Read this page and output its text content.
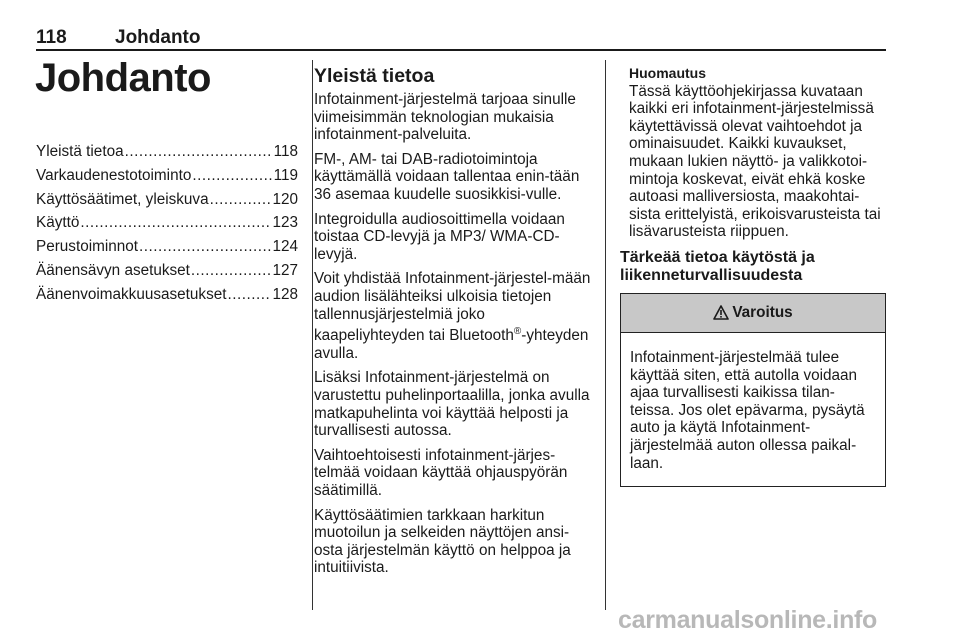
118	Johdanto
Johdanto
Yleistä tietoa .....	118
Varkaudenestotoiminto .....	119
Käyttösäätimet, yleiskuva .....	120
Käyttö .....	123
Perustoiminnot .....	124
Äänensävyn asetukset .....	127
Äänenvoimakkuusasetukset .....	128
Yleistä tietoa

Infotainment-järjestelmä tarjoaa sinulle viimeisimmän teknologian mukaisia infotainment-palveluita.

FM-, AM- tai DAB-radiotoimintoja käyttämällä voidaan tallentaa enin-tään 36 asemaa kuudelle suosikkisi-vulle.

Integroidulla audiosoittimella voidaan toistaa CD-levyjä ja MP3/ WMA-CD-levyjä.

Voit yhdistää Infotainment-järjestel-mään audion lisälähteiksi ulkoisia tietojen tallennusjärjestelmiä joko kaapeliyhteyden tai Bluetooth®-yhteyden avulla.

Lisäksi Infotainment-järjestelmä on varustettu puhelinportaalilla, jonka avulla matkapuhelinta voi käyttää helposti ja turvallisesti autossa.

Vaihtoehtoisesti infotainment-järjes-telmää voidaan käyttää ohjauspyörän säätimillä.

Käyttösäätimien tarkkaan harkitun muotoilun ja selkeiden näyttöjen ansi-osta järjestelmän käyttö on helppoa ja intuitiivista.

Huomautus
Tässä käyttöohjekirjassa kuvataan kaikki eri infotainment-järjestelmissä käytettävissä olevat vaihtoehdot ja ominaisuudet. Kaikki kuvaukset, mukaan lukien näyttö- ja valikkotoi-mintoja koskevat, eivät ehkä koske autoasi malliversiosta, maakohtai-sista erittelyistä, erikoisvarusteista tai lisävarusteista riippuen.
Tärkeää tietoa käytöstä ja liikenneturvallisuudesta
Varoitus
Infotainment-järjestelmää tulee käyttää siten, että autolla voidaan ajaa turvallisesti kaikissa tilan-teissa. Jos olet epävarma, pysäytä auto ja käytä Infotainment-järjestelmää auton ollessa paikal-laan.
carmanualsonline.info
